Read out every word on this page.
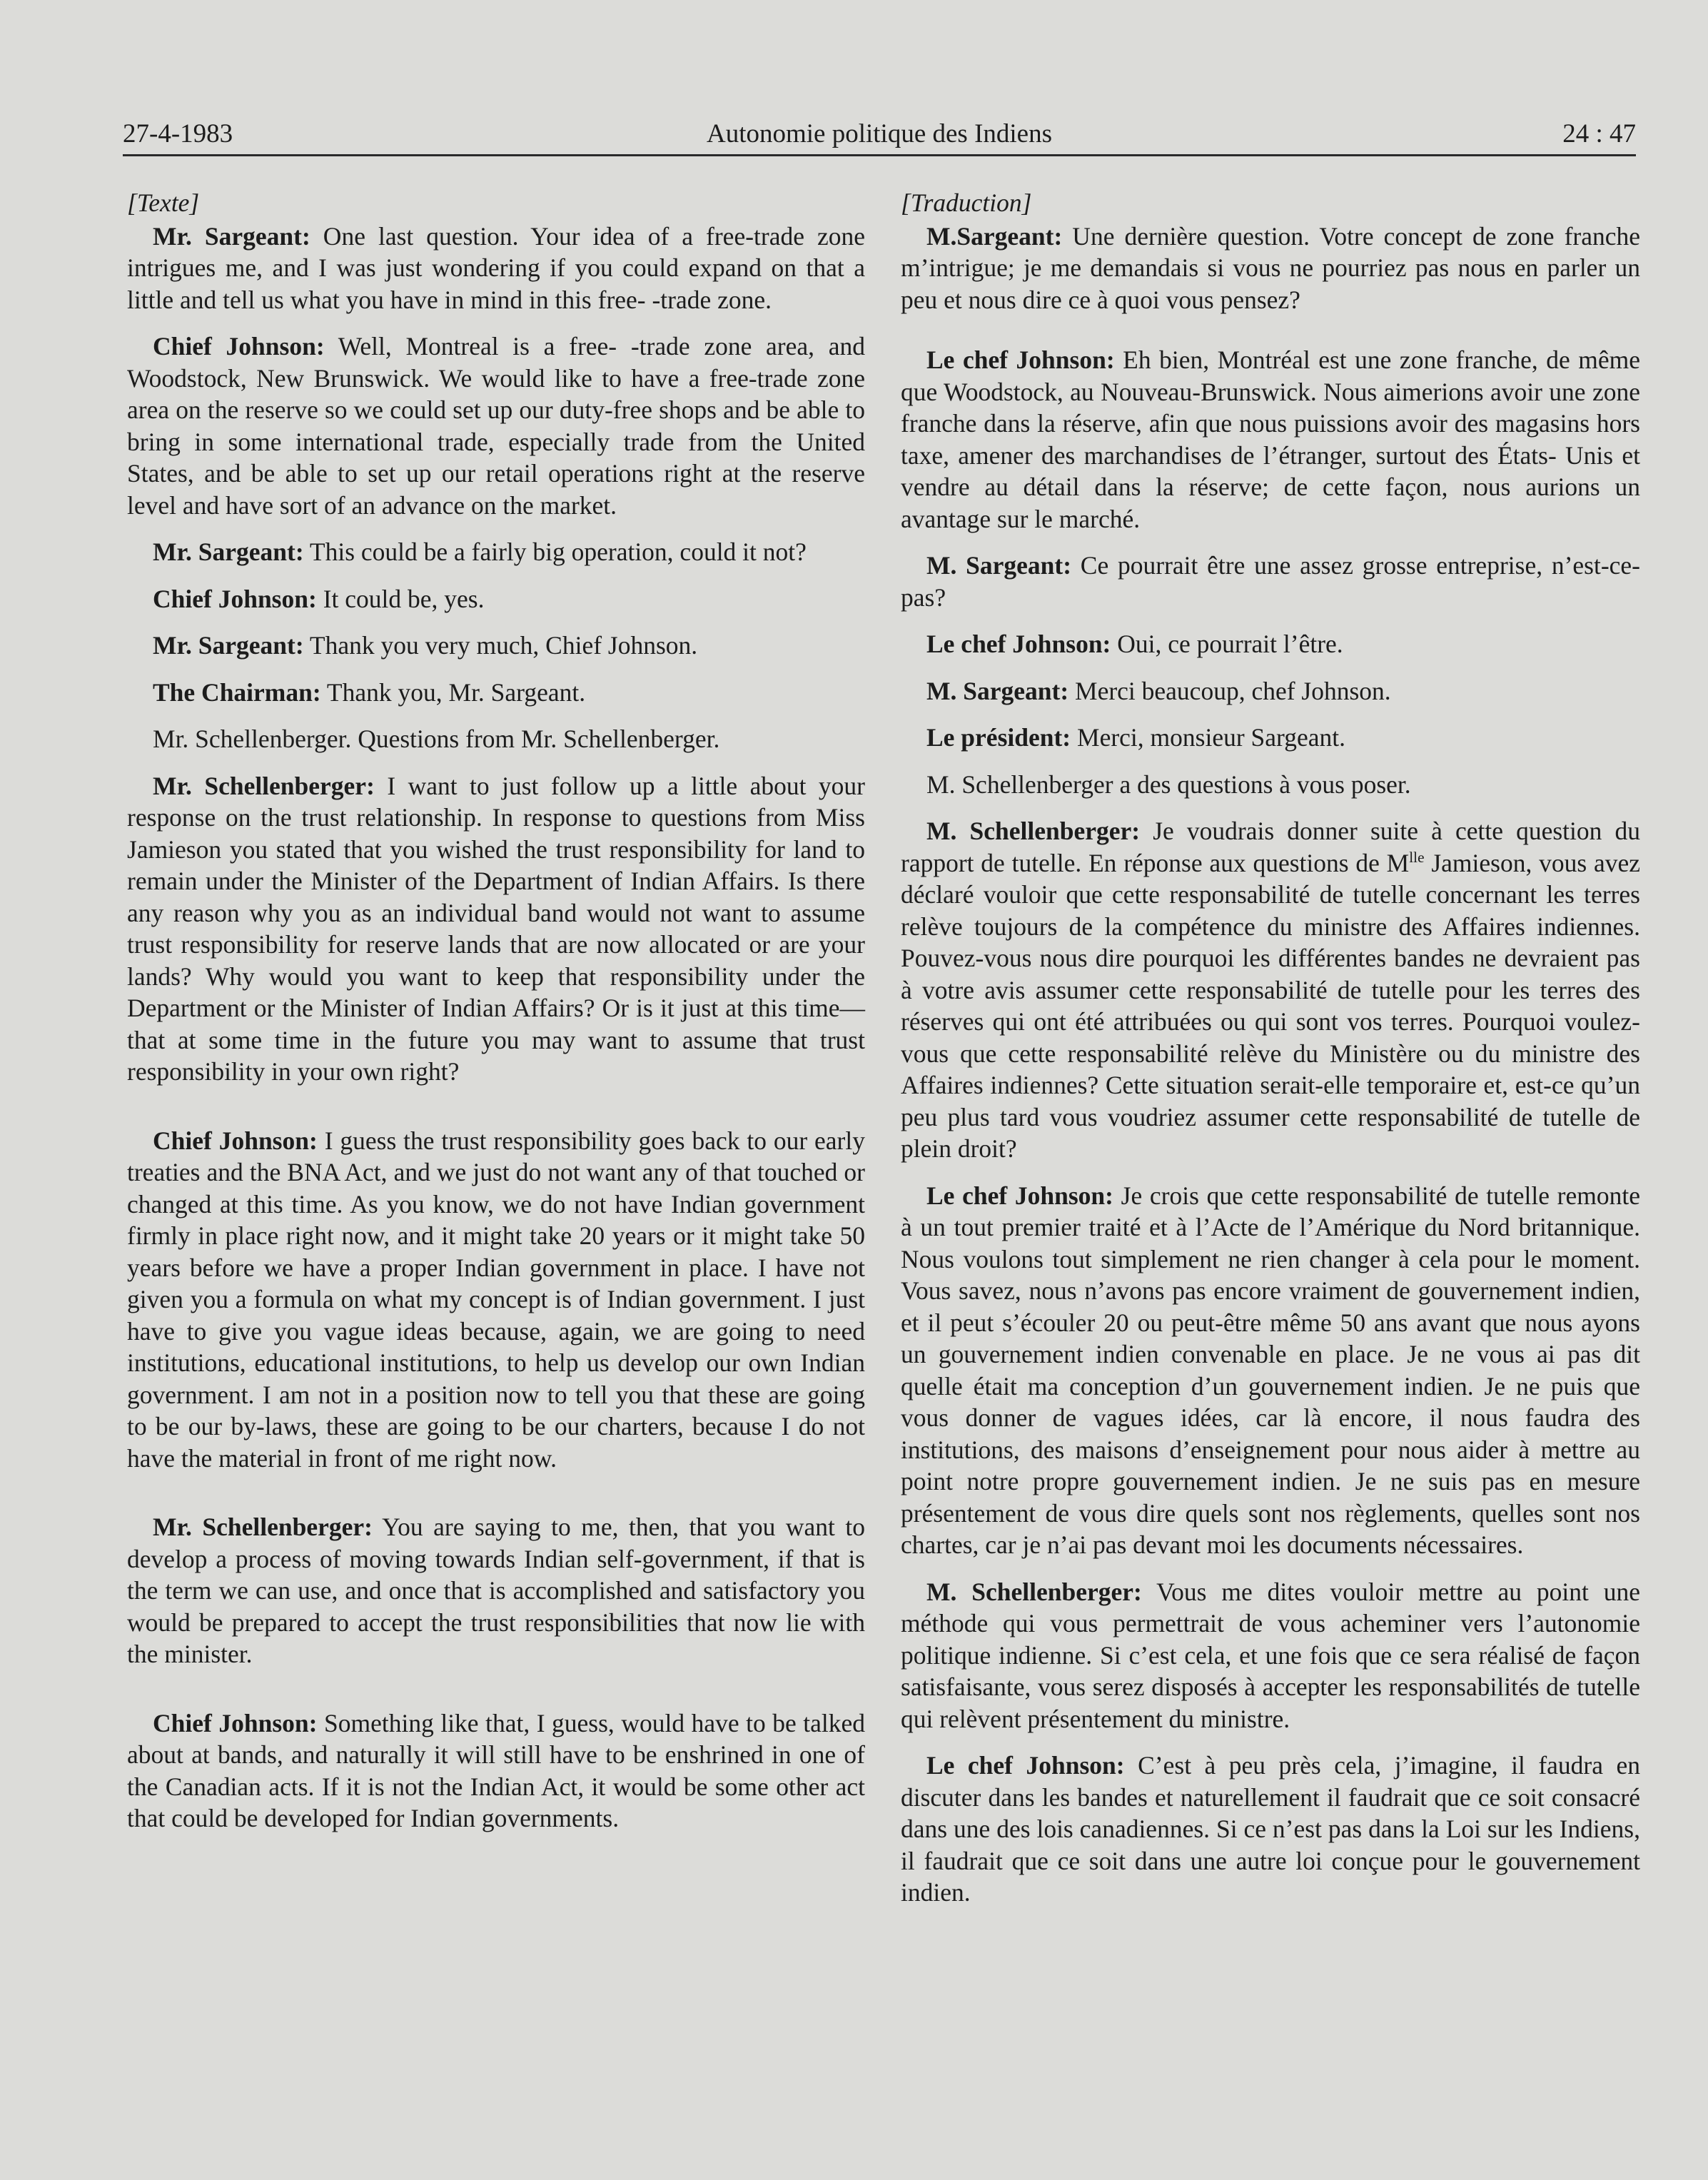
27-4-1983	Autonomie politique des Indiens	24 : 47
[Texte]

Mr. Sargeant: One last question. Your idea of a free-trade zone intrigues me, and I was just wondering if you could expand on that a little and tell us what you have in mind in this free- -trade zone.

Chief Johnson: Well, Montreal is a free- -trade zone area, and Woodstock, New Brunswick. We would like to have a free-trade zone area on the reserve so we could set up our duty-free shops and be able to bring in some international trade, especially trade from the United States, and be able to set up our retail operations right at the reserve level and have sort of an advance on the market.

Mr. Sargeant: This could be a fairly big operation, could it not?

Chief Johnson: It could be, yes.

Mr. Sargeant: Thank you very much, Chief Johnson.

The Chairman: Thank you, Mr. Sargeant.

Mr. Schellenberger. Questions from Mr. Schellenberger.

Mr. Schellenberger: I want to just follow up a little about your response on the trust relationship. In response to questions from Miss Jamieson you stated that you wished the trust responsibility for land to remain under the Minister of the Department of Indian Affairs. Is there any reason why you as an individual band would not want to assume trust responsibility for reserve lands that are now allocated or are your lands? Why would you want to keep that responsibility under the Department or the Minister of Indian Affairs? Or is it just at this time—that at some time in the future you may want to assume that trust responsibility in your own right?

Chief Johnson: I guess the trust responsibility goes back to our early treaties and the BNA Act, and we just do not want any of that touched or changed at this time. As you know, we do not have Indian government firmly in place right now, and it might take 20 years or it might take 50 years before we have a proper Indian government in place. I have not given you a formula on what my concept is of Indian government. I just have to give you vague ideas because, again, we are going to need institutions, educational institutions, to help us develop our own Indian government. I am not in a position now to tell you that these are going to be our by-laws, these are going to be our charters, because I do not have the material in front of me right now.

Mr. Schellenberger: You are saying to me, then, that you want to develop a process of moving towards Indian self-government, if that is the term we can use, and once that is accomplished and satisfactory you would be prepared to accept the trust responsibilities that now lie with the minister.

Chief Johnson: Something like that, I guess, would have to be talked about at bands, and naturally it will still have to be enshrined in one of the Canadian acts. If it is not the Indian Act, it would be some other act that could be developed for Indian governments.

[Traduction]

M.Sargeant: Une dernière question. Votre concept de zone franche m’intrigue; je me demandais si vous ne pourriez pas nous en parler un peu et nous dire ce à quoi vous pensez?

Le chef Johnson: Eh bien, Montréal est une zone franche, de même que Woodstock, au Nouveau-Brunswick. Nous aimerions avoir une zone franche dans la réserve, afin que nous puissions avoir des magasins hors taxe, amener des marchandises de l’étranger, surtout des États- Unis et vendre au détail dans la réserve; de cette façon, nous aurions un avantage sur le marché.

M. Sargeant: Ce pourrait être une assez grosse entreprise, n’est-ce-pas?

Le chef Johnson: Oui, ce pourrait l’être.

M. Sargeant: Merci beaucoup, chef Johnson.

Le président: Merci, monsieur Sargeant.

M. Schellenberger a des questions à vous poser.

M. Schellenberger: Je voudrais donner suite à cette question du rapport de tutelle. En réponse aux questions de $M^{lle}$ Jamieson, vous avez déclaré vouloir que cette responsabilité de tutelle concernant les terres relève toujours de la compétence du ministre des Affaires indiennes. Pouvez-vous nous dire pourquoi les différentes bandes ne devraient pas à votre avis assumer cette responsabilité de tutelle pour les terres des réserves qui ont été attribuées ou qui sont vos terres. Pourquoi voulez-vous que cette responsabilité relève du Ministère ou du ministre des Affaires indiennes? Cette situation serait-elle temporaire et, est-ce qu’un peu plus tard vous voudriez assumer cette responsabilité de tutelle de plein droit?

Le chef Johnson: Je crois que cette responsabilité de tutelle remonte à un tout premier traité et à l’Acte de l’Amérique du Nord britannique. Nous voulons tout simplement ne rien changer à cela pour le moment. Vous savez, nous n’avons pas encore vraiment de gouvernement indien, et il peut s’écouler 20 ou peut-être même 50 ans avant que nous ayons un gouvernement indien convenable en place. Je ne vous ai pas dit quelle était ma conception d’un gouvernement indien. Je ne puis que vous donner de vagues idées, car là encore, il nous faudra des institutions, des maisons d’enseignement pour nous aider à mettre au point notre propre gouvernement indien. Je ne suis pas en mesure présentement de vous dire quels sont nos règlements, quelles sont nos chartes, car je n’ai pas devant moi les documents nécessaires.

M. Schellenberger: Vous me dites vouloir mettre au point une méthode qui vous permettrait de vous acheminer vers l’autonomie politique indienne. Si c’est cela, et une fois que ce sera réalisé de façon satisfaisante, vous serez disposés à accepter les responsabilités de tutelle qui relèvent présentement du ministre.

Le chef Johnson: C’est à peu près cela, j’imagine, il faudra en discuter dans les bandes et naturellement il faudrait que ce soit consacré dans une des lois canadiennes. Si ce n’est pas dans la Loi sur les Indiens, il faudrait que ce soit dans une autre loi conçue pour le gouvernement indien.
